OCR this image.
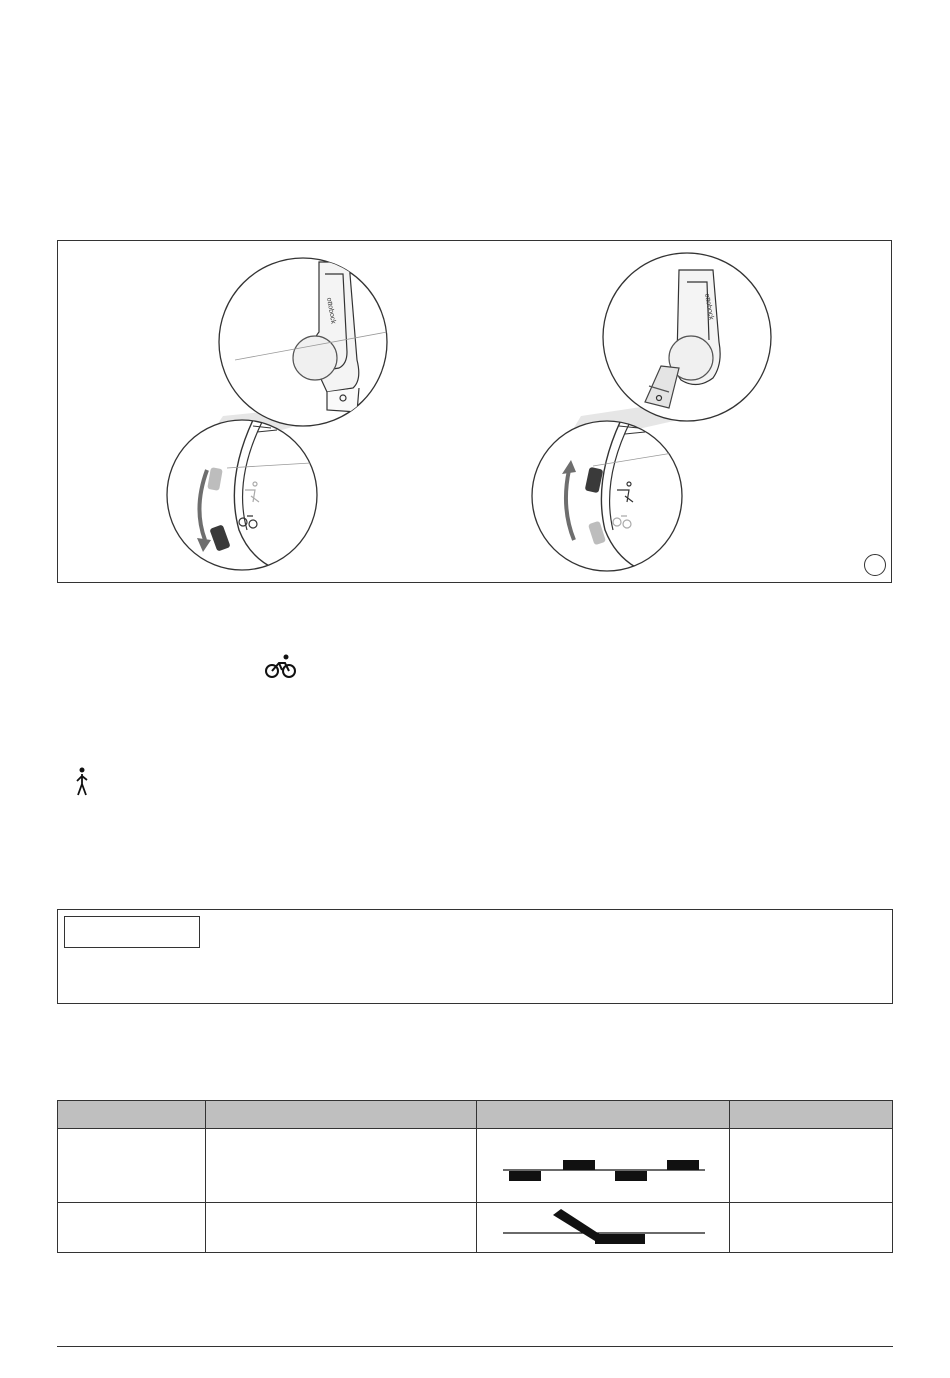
ottobock	ottobock
